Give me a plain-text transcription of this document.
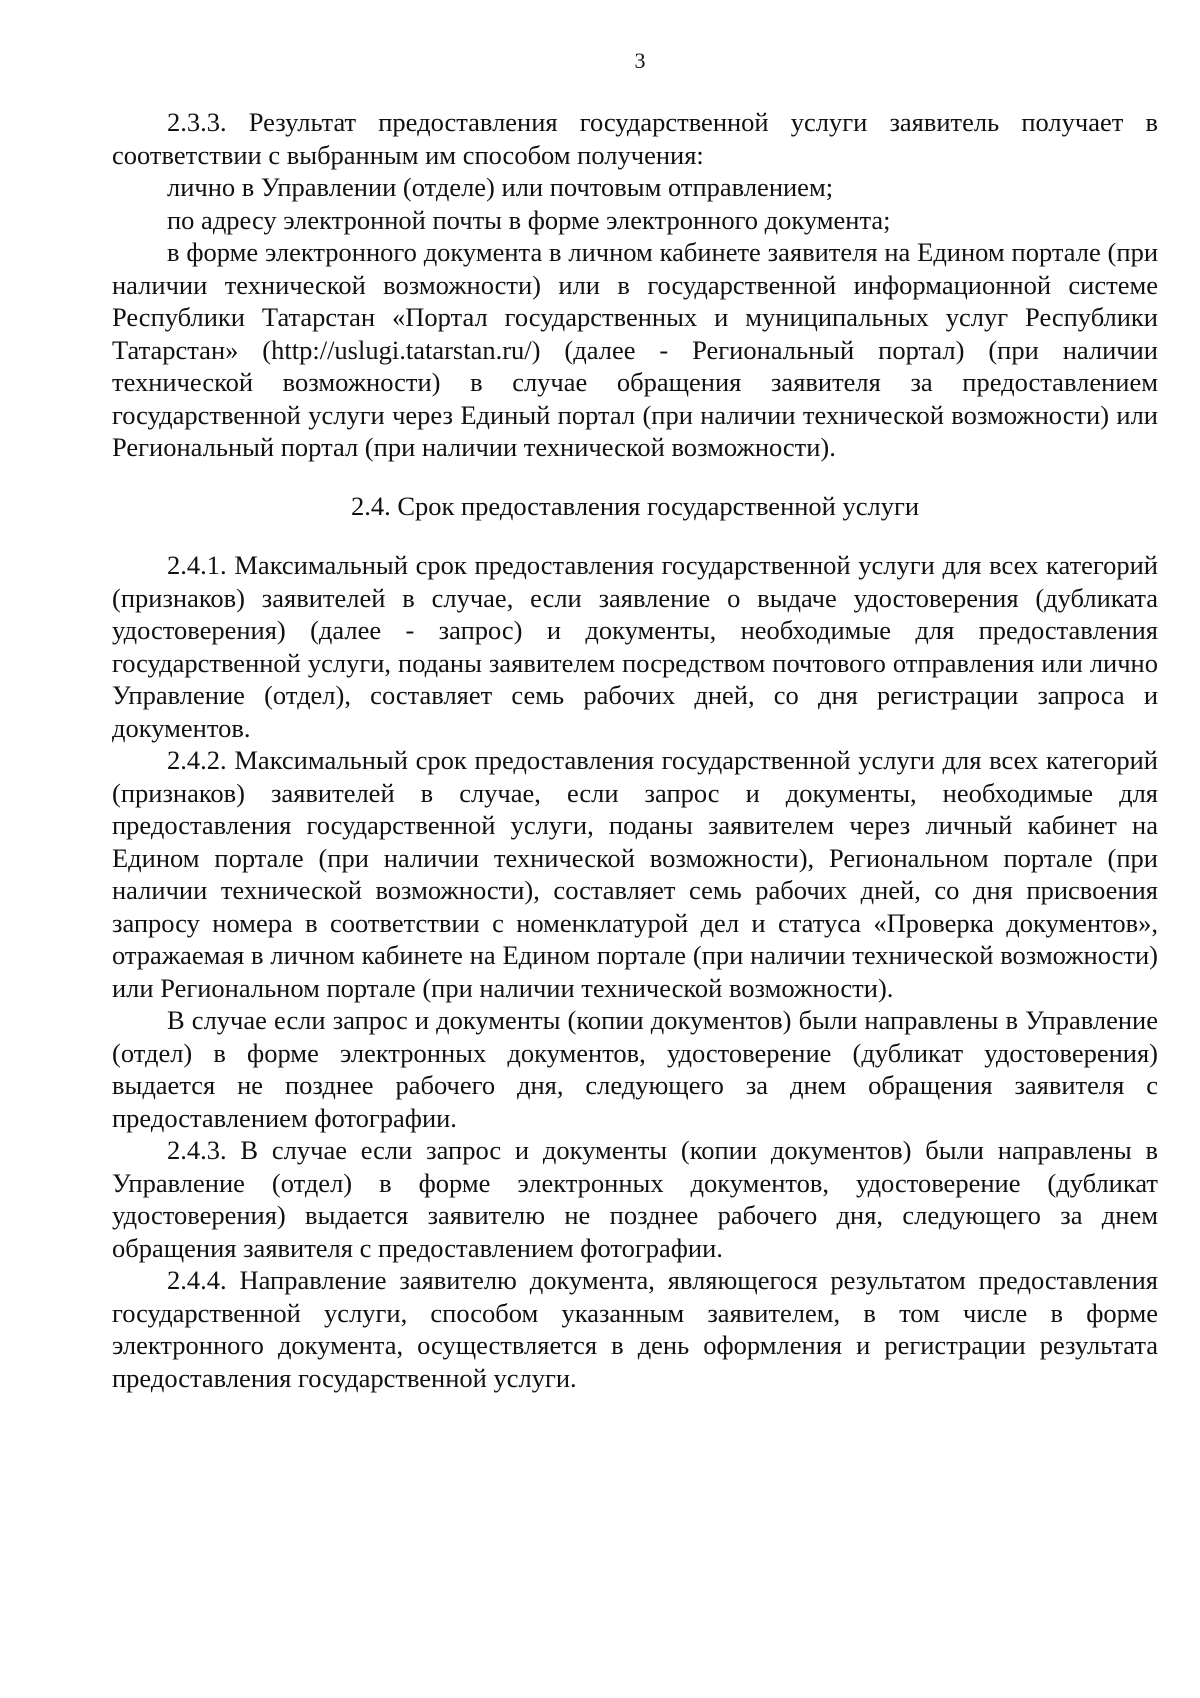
3

2.3.3. Результат предоставления государственной услуги заявитель получает в соответствии с выбранным им способом получения:

лично в Управлении (отделе) или почтовым отправлением;

по адресу электронной почты в форме электронного документа;

в форме электронного документа в личном кабинете заявителя на Едином портале (при наличии технической возможности) или в государственной информационной системе Республики Татарстан «Портал государственных и муниципальных услуг Республики Татарстан» (http://uslugi.tatarstan.ru/) (далее - Региональный портал) (при наличии технической возможности) в случае обращения заявителя за предоставлением государственной услуги через Единый портал (при наличии технической возможности) или Региональный портал (при наличии технической возможности).

2.4. Срок предоставления государственной услуги

2.4.1. Максимальный срок предоставления государственной услуги для всех категорий (признаков) заявителей в случае, если заявление о выдаче удостоверения (дубликата удостоверения) (далее - запрос) и документы, необходимые для предоставления государственной услуги, поданы заявителем посредством почтового отправления или лично Управление (отдел), составляет семь рабочих дней, со дня регистрации запроса и документов.

2.4.2. Максимальный срок предоставления государственной услуги для всех категорий (признаков) заявителей в случае, если запрос и документы, необходимые для предоставления государственной услуги, поданы заявителем через личный кабинет на Едином портале (при наличии технической возможности), Региональном портале (при наличии технической возможности), составляет семь рабочих дней, со дня присвоения запросу номера в соответствии с номенклатурой дел и статуса «Проверка документов», отражаемая в личном кабинете на Едином портале (при наличии технической возможности) или Региональном портале (при наличии технической возможности).

В случае если запрос и документы (копии документов) были направлены в Управление (отдел) в форме электронных документов, удостоверение (дубликат удостоверения) выдается не позднее рабочего дня, следующего за днем обращения заявителя с предоставлением фотографии.

2.4.3. В случае если запрос и документы (копии документов) были направлены в Управление (отдел) в форме электронных документов, удостоверение (дубликат удостоверения) выдается заявителю не позднее рабочего дня, следующего за днем обращения заявителя с предоставлением фотографии.

2.4.4. Направление заявителю документа, являющегося результатом предоставления государственной услуги, способом указанным заявителем, в том числе в форме электронного документа, осуществляется в день оформления и регистрации результата предоставления государственной услуги.
